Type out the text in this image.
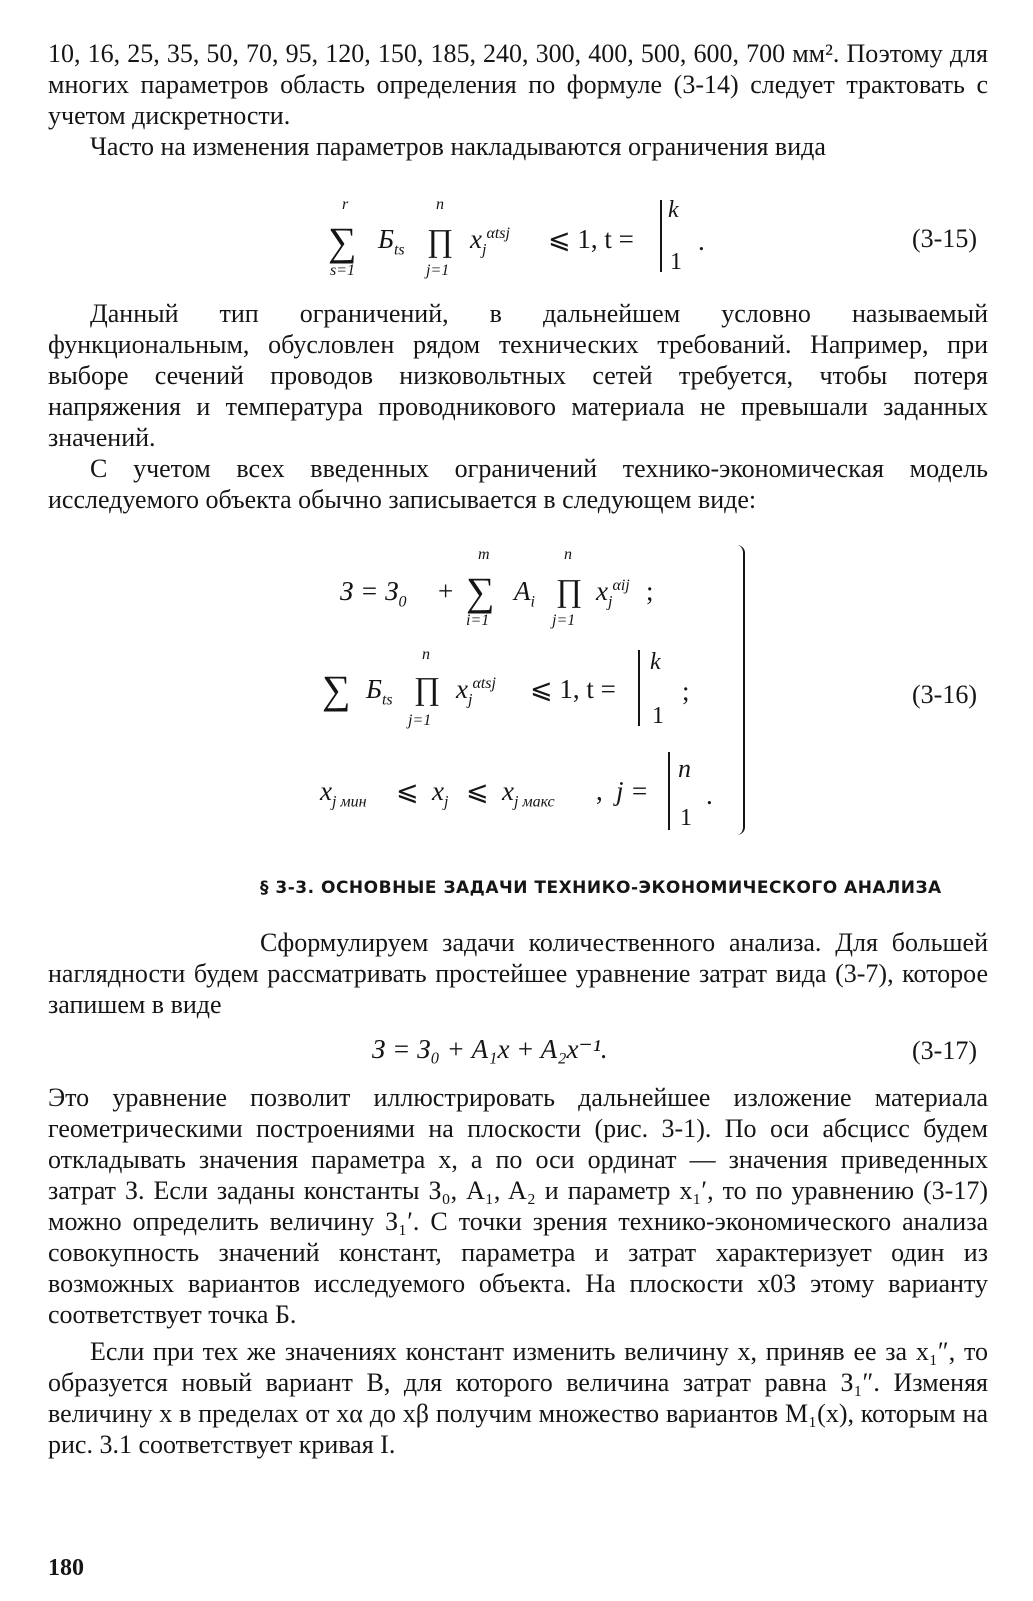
10, 16, 25, 35, 50, 70, 95, 120, 150, 185, 240, 300, 400, 500, 600, 700 мм². Поэтому для многих параметров область определения по формуле (3-14) следует трактовать с учетом дискретности.

Часто на изменения параметров накладываются ограничения вида

∑
r
s=1
$Б_{ts}$ ∏
n
j=1
$x_j^{\alpha tsj}$ ⩽ 1, t =
k
1
.	(3-15)

Данный тип ограничений, в дальнейшем условно называемый функциональным, обусловлен рядом технических требований. Например, при выборе сечений проводов низковольтных сетей требуется, чтобы потеря напряжения и температура проводникового материала не превышали заданных значений.

С учетом всех введенных ограничений технико-экономическая модель исследуемого объекта обычно записывается в следующем виде:

$З = З_0$ + ∑
m
i=1
$A_i$ ∏
n
j=1
$x_j^{\alpha ij}$ ;
∑ $Б_{ts}$ ∏
n
j=1
$x_j^{\alpha tsj}$ ⩽ 1, t =
k
1
;
$x_{j мин}$ ⩽ $x_j$ ⩽ $x_{j макс}$ , j =
n
1
.
(3-16)
§ 3-3. ОСНОВНЫЕ ЗАДАЧИ ТЕХНИКО-ЭКОНОМИЧЕСКОГО АНАЛИЗА

Сформулируем задачи количественного анализа. Для большей наглядности будем рассматривать простейшее уравнение затрат вида (3-7), которое запишем в виде

З = З₀ + A₁x + A₂x⁻¹.	(3-17)

Это уравнение позволит иллюстрировать дальнейшее изложение материала геометрическими построениями на плоскости (рис. 3-1). По оси абсцисс будем откладывать значения параметра x, а по оси ординат — значения приведенных затрат З. Если заданы константы З₀, A₁, A₂ и параметр x₁′, то по уравнению (3-17) можно определить величину З₁′. С точки зрения технико-экономического анализа совокупность значений констант, параметра и затрат характеризует один из возможных вариантов исследуемого объекта. На плоскости x0З этому варианту соответствует точка Б.

Если при тех же значениях констант изменить величину x, приняв ее за x₁″, то образуется новый вариант В, для которого величина затрат равна З₁″. Изменяя величину x в пределах от xα до xβ получим множество вариантов M₁(x), которым на рис. 3.1 соответствует кривая I.

180
